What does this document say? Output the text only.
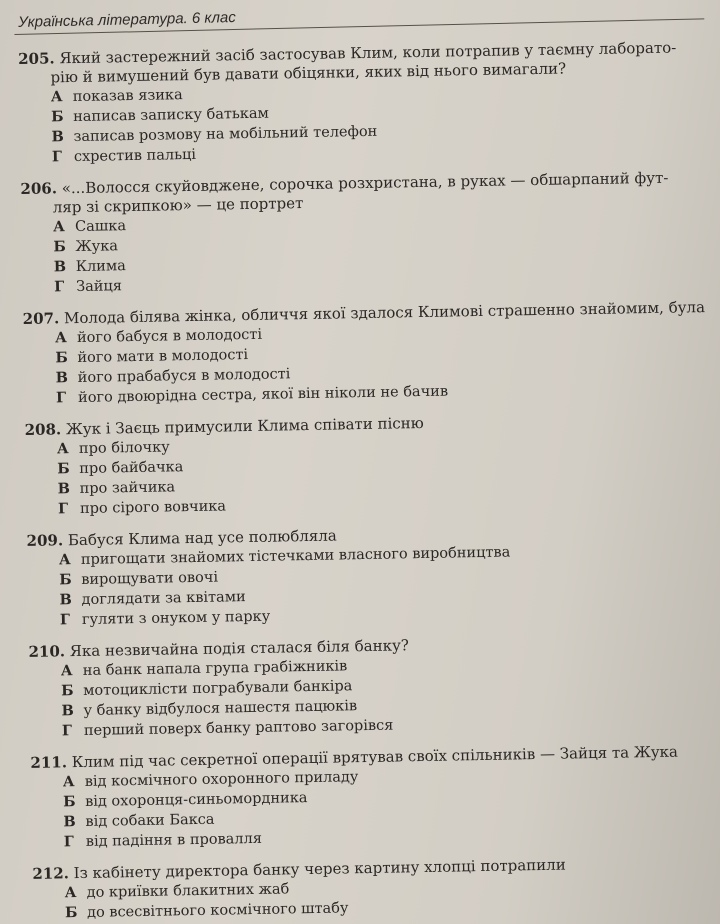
Українська література. 6 клас
205. Який застережний засіб застосував Клим, коли потрапив у таємну лаборато-
рію й вимушений був давати обіцянки, яких від нього вимагали?
А показав язика
Б написав записку батькам
В записав розмову на мобільний телефон
Г схрестив пальці
206. «...Волосся скуйовджене, сорочка розхристана, в руках — обшарпаний фут-
ляр зі скрипкою» — це портрет
А Сашка
Б Жука
В Клима
Г Зайця
207. Молода білява жінка, обличчя якої здалося Климові страшенно знайомим, була
А його бабуся в молодості
Б його мати в молодості
В його прабабуся в молодості
Г його двоюрідна сестра, якої він ніколи не бачив
208. Жук і Заєць примусили Клима співати пісню
А про білочку
Б про байбачка
В про зайчика
Г про сірого вовчика
209. Бабуся Клима над усе полюбляла
А пригощати знайомих тістечками власного виробництва
Б вирощувати овочі
В доглядати за квітами
Г гуляти з онуком у парку
210. Яка незвичайна подія сталася біля банку?
А на банк напала група грабіжників
Б мотоциклісти пограбували банкіра
В у банку відбулося нашестя пацюків
Г перший поверх банку раптово загорівся
211. Клим під час секретної операції врятував своїх спільників — Зайця та Жука
А від космічного охоронного приладу
Б від охоронця-синьомордника
В від собаки Бакса
Г від падіння в провалля
212. Із кабінету директора банку через картину хлопці потрапили
А до криївки блакитних жаб
Б до всесвітнього космічного штабу
